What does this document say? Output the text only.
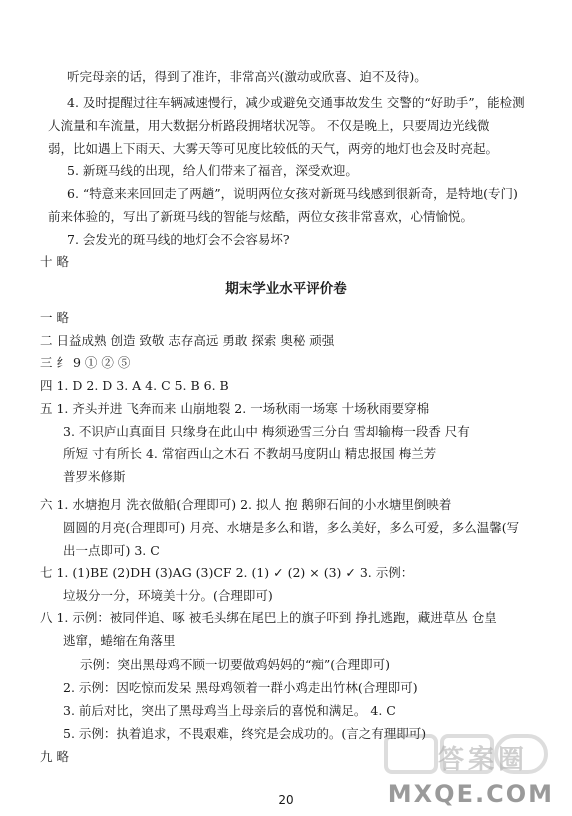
听完母亲的话，得到了准许，非常高兴(激动或欣喜、迫不及待)。
4. 及时提醒过往车辆减速慢行，减少或避免交通事故发生 交警的“好助手”，能检测
人流量和车流量，用大数据分析路段拥堵状况等。 不仅是晚上，只要周边光线微
弱，比如遇上下雨天、大雾天等可见度比较低的天气，两旁的地灯也会及时亮起。
5. 新斑马线的出现，给人们带来了福音，深受欢迎。
6. “特意来来回回走了两趟”，说明两位女孩对新斑马线感到很新奇，是特地(专门)
前来体验的，写出了新斑马线的智能与炫酷，两位女孩非常喜欢，心情愉悦。
7. 会发光的斑马线的地灯会不会容易坏?
十 略
期末学业水平评价卷
一 略
二 日益成熟 创造 致敬 志存高远 勇敢 探索 奥秘 顽强
三 纟 9 ① ② ⑤
四 1. D 2. D 3. A 4. C 5. B 6. B
五 1. 齐头并进 飞奔而来 山崩地裂 2. 一场秋雨一场寒 十场秋雨要穿棉
3. 不识庐山真面目 只缘身在此山中 梅须逊雪三分白 雪却输梅一段香 尺有
所短 寸有所长 4. 常宿西山之木石 不教胡马度阴山 精忠报国 梅兰芳
普罗米修斯
六 1. 水塘抱月 洗衣做船(合理即可) 2. 拟人 抱 鹅卵石间的小水塘里倒映着
圆圆的月亮(合理即可) 月亮、水塘是多么和谐，多么美好，多么可爱，多么温馨(写
出一点即可) 3. C
七 1. (1)BE (2)DH (3)AG (3)CF 2. (1) ✓ (2) × (3) ✓ 3. 示例：
垃圾分一分，环境美十分。(合理即可)
八 1. 示例：被同伴追、啄 被毛头绑在尾巴上的旗子吓到 挣扎逃跑，藏进草丛 仓皇
逃窜，蜷缩在角落里
示例：突出黑母鸡不顾一切要做鸡妈妈的“痴”(合理即可)
2. 示例：因吃惊而发呆 黑母鸡领着一群小鸡走出竹林(合理即可)
3. 前后对比，突出了黑母鸡当上母亲后的喜悦和满足。 4. C
5. 示例：执着追求，不畏艰难，终究是会成功的。(言之有理即可)
九 略
20
答案圈
MXQE.COM
